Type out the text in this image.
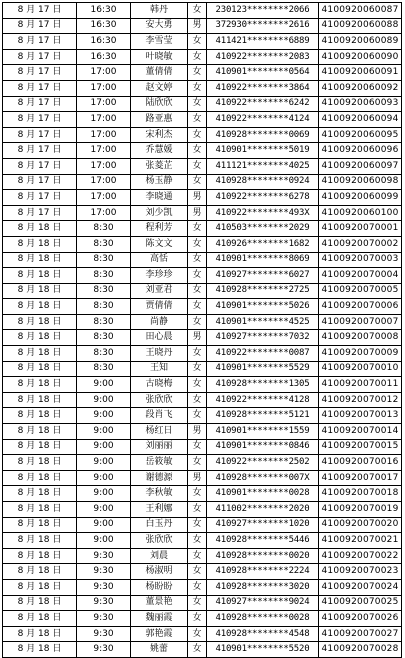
8 月 17 日	16:30	韩丹	女	230123********2066	4100920060087
8 月 17 日	16:30	安大勇	男	372930********2616	4100920060088
8 月 17 日	16:30	李雪莹	女	411421********6889	4100920060089
8 月 17 日	16:30	叶晓敏	女	410922********2083	4100920060090
8 月 17 日	17:00	董倩倩	女	410901********0564	4100920060091
8 月 17 日	17:00	赵文婷	女	410922********3864	4100920060092
8 月 17 日	17:00	陆欣欣	女	410922********6242	4100920060093
8 月 17 日	17:00	路亚惠	女	410922********4124	4100920060094
8 月 17 日	17:00	宋利杰	女	410928********0069	4100920060095
8 月 17 日	17:00	乔慧媛	女	410901********5019	4100920060096
8 月 17 日	17:00	张菱芷	女	411121********4025	4100920060097
8 月 17 日	17:00	杨玉静	女	410928********0924	4100920060098
8 月 17 日	17:00	李晓通	男	410922********6278	4100920060099
8 月 17 日	17:00	刘少凯	男	410922********493X	4100920060100
8 月 18 日	8:30	程利芳	女	410503********2029	4100920070001
8 月 18 日	8:30	陈文文	女	410926********1682	4100920070002
8 月 18 日	8:30	高恬	女	410901********8069	4100920070003
8 月 18 日	8:30	李珍珍	女	410927********6027	4100920070004
8 月 18 日	8:30	刘亚君	女	410928********2725	4100920070005
8 月 18 日	8:30	贾倩倩	女	410901********5026	4100920070006
8 月 18 日	8:30	尚静	女	410901********4525	4100920070007
8 月 18 日	8:30	田心晨	男	410927********7032	4100920070008
8 月 18 日	8:30	王晓丹	女	410922********0087	4100920070009
8 月 18 日	8:30	王知	女	410901********5529	4100920070010
8 月 18 日	9:00	古晓梅	女	410928********1305	4100920070011
8 月 18 日	9:00	张欣欣	女	410922********4128	4100920070012
8 月 18 日	9:00	段肖飞	女	410928********5121	4100920070013
8 月 18 日	9:00	杨红日	男	410901********1559	4100920070014
8 月 18 日	9:00	刘丽丽	女	410901********0846	4100920070015
8 月 18 日	9:00	岳筱敏	女	410922********2502	4100920070016
8 月 18 日	9:00	谢德源	男	410928********007X	4100920070017
8 月 18 日	9:00	李秋敏	女	410901********0028	4100920070018
8 月 18 日	9:00	王利娜	女	411002********2020	4100920070019
8 月 18 日	9:00	白玉丹	女	410927********1020	4100920070020
8 月 18 日	9:00	张欣欣	女	410928********5446	4100920070021
8 月 18 日	9:30	刘晨	女	410928********0020	4100920070022
8 月 18 日	9:30	杨淑明	女	410928********2224	4100920070023
8 月 18 日	9:30	杨盼盼	女	410928********3020	4100920070024
8 月 18 日	9:30	董景艳	女	410927********9024	4100920070025
8 月 18 日	9:30	魏丽霞	女	410928********0028	4100920070026
8 月 18 日	9:30	郭艳霞	女	410928********4548	4100920070027
8 月 18 日	9:30	姚蕾	女	410901********5520	4100920070028
